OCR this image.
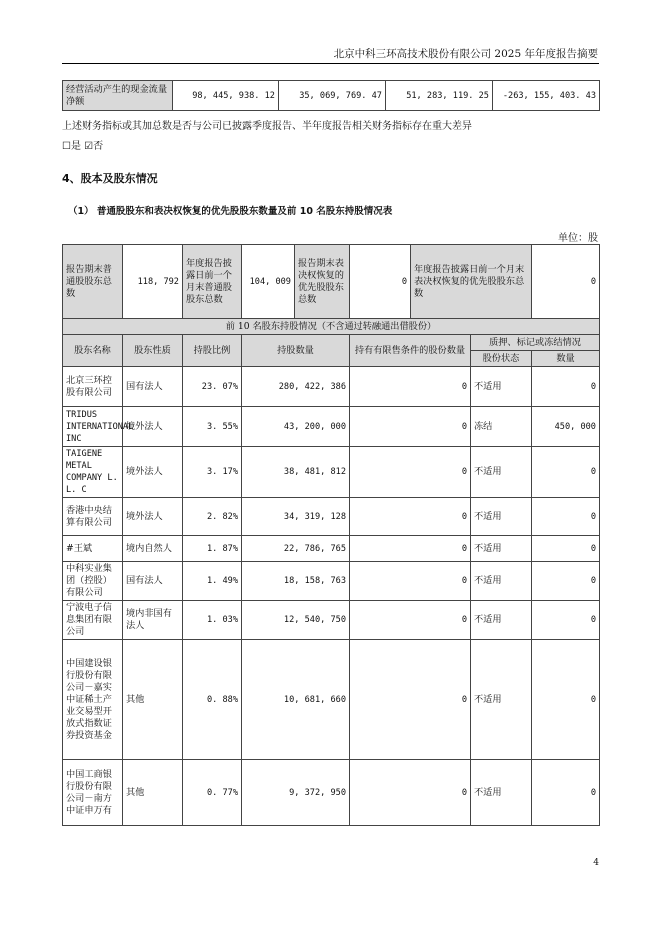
北京中科三环高技术股份有限公司 2025 年年度报告摘要
经营活动产生的现金流量净额	98, 445, 938. 12	35, 069, 769. 47	51, 283, 119. 25	-263, 155, 403. 43
上述财务指标或其加总数是否与公司已披露季度报告、半年度报告相关财务指标存在重大差异
☐是 ☑否
4、股本及股东情况
（1） 普通股股东和表决权恢复的优先股股东数量及前 10 名股东持股情况表
单位：股
报告期末普通股股东总数	118, 792	年度报告披露日前一个月末普通股股东总数	104, 009	报告期末表决权恢复的优先股股东总数	0	年度报告披露日前一个月末表决权恢复的优先股股东总数		0
前 10 名股东持股情况（不含通过转融通出借股份）								
股东名称	股东性质	持股比例	持股数量		持有有限售条件的股份数量		质押、标记或冻结情况	
							股份状态	数量
北京三环控股有限公司	国有法人	23. 07%	280, 422, 386		0		不适用	0
TRIDUS INTERNATIONAL INC	境外法人	3. 55%	43, 200, 000		0		冻结	450, 000
TAIGENE METAL COMPANY L. L. C	境外法人	3. 17%	38, 481, 812		0		不适用	0
香港中央结算有限公司	境外法人	2. 82%	34, 319, 128		0		不适用	0
#王斌	境内自然人	1. 87%	22, 786, 765		0		不适用	0
中科实业集团（控股）有限公司	国有法人	1. 49%	18, 158, 763		0		不适用	0
宁波电子信息集团有限公司	境内非国有法人	1. 03%	12, 540, 750		0		不适用	0
中国建设银行股份有限公司－嘉实中证稀土产业交易型开放式指数证券投资基金	其他	0. 88%	10, 681, 660		0		不适用	0
中国工商银行股份有限公司－南方中证申万有	其他	0. 77%	9, 372, 950		0		不适用	0
4
